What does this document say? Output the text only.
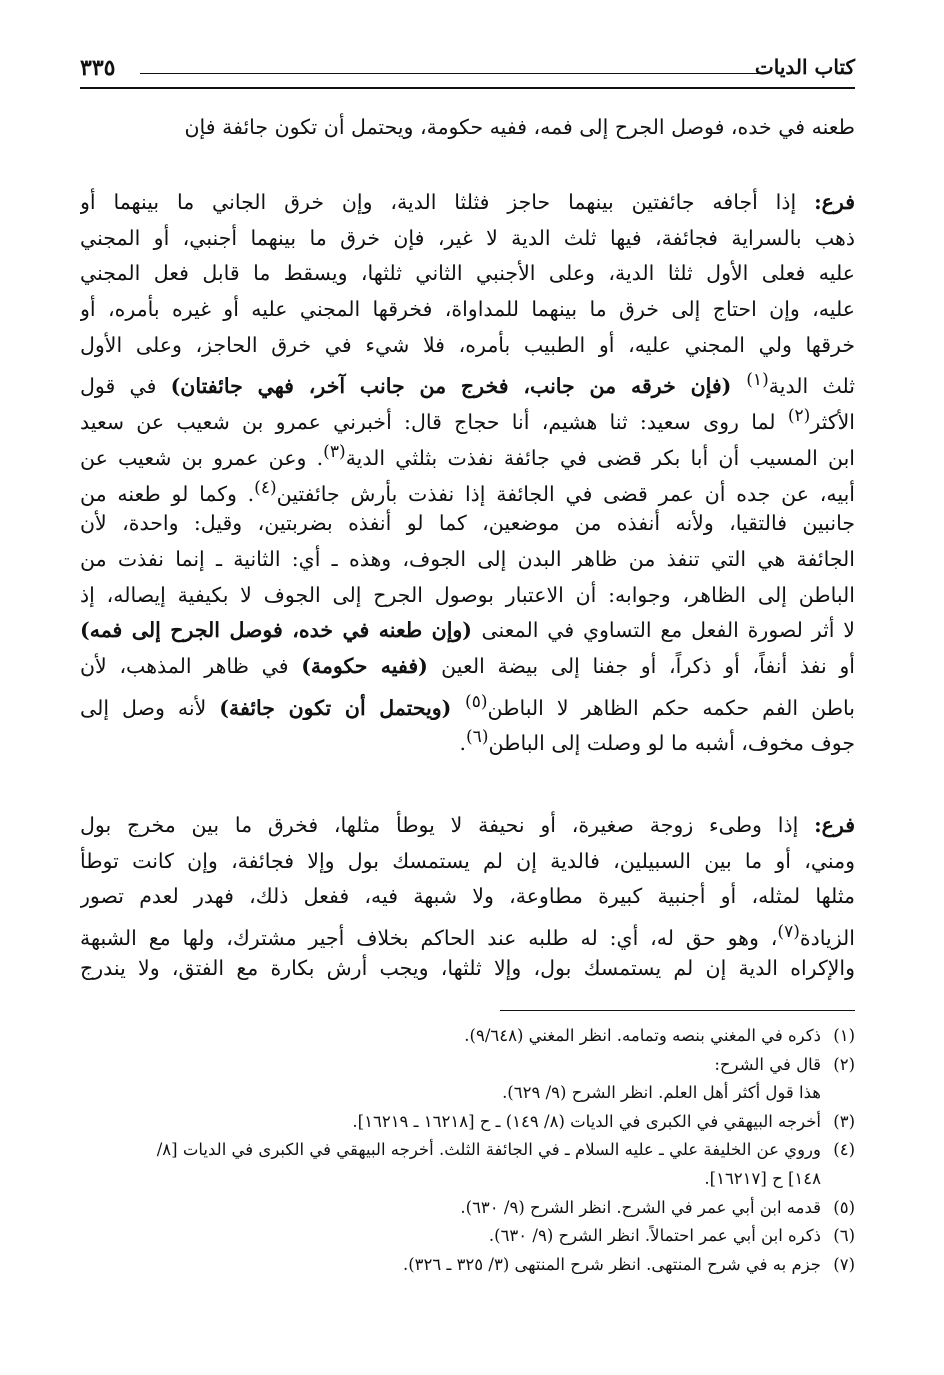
كتاب الديات
٣٣٥
طعنه في خده، فوصل الجرح إلى فمه، ففيه حكومة، ويحتمل أن تكون جائفة فإن
فرع: إذا أجافه جائفتين بينهما حاجز فثلثا الدية، وإن خرق الجاني ما بينهما أو
ذهب بالسراية فجائفة، فيها ثلث الدية لا غير، فإن خرق ما بينهما أجنبي، أو المجني
عليه فعلى الأول ثلثا الدية، وعلى الأجنبي الثاني ثلثها، ويسقط ما قابل فعل المجني
عليه، وإن احتاج إلى خرق ما بينهما للمداواة، فخرقها المجني عليه أو غيره بأمره، أو
خرقها ولي المجني عليه، أو الطبيب بأمره، فلا شيء في خرق الحاجز، وعلى الأول
ثلث الدية$^{(١)}$ (فإن خرقه من جانب، فخرج من جانب آخر، فهي جائفتان) في قول
الأكثر$^{(٢)}$ لما روى سعيد: ثنا هشيم، أنا حجاج قال: أخبرني عمرو بن شعيب عن سعيد
ابن المسيب أن أبا بكر قضى في جائفة نفذت بثلثي الدية$^{(٣)}$. وعن عمرو بن شعيب عن
أبيه، عن جده أن عمر قضى في الجائفة إذا نفذت بأرش جائفتين$^{(٤)}$. وكما لو طعنه من
جانبين فالتقيا، ولأنه أنفذه من موضعين، كما لو أنفذه بضربتين، وقيل: واحدة، لأن
الجائفة هي التي تنفذ من ظاهر البدن إلى الجوف، وهذه ـ أي: الثانية ـ إنما نفذت من
الباطن إلى الظاهر، وجوابه: أن الاعتبار بوصول الجرح إلى الجوف لا بكيفية إيصاله، إذ
لا أثر لصورة الفعل مع التساوي في المعنى (وإن طعنه في خده، فوصل الجرح إلى فمه)
أو نفذ أنفاً، أو ذكراً، أو جفنا إلى بيضة العين (ففيه حكومة) في ظاهر المذهب، لأن
باطن الفم حكمه حكم الظاهر لا الباطن$^{(٥)}$ (ويحتمل أن تكون جائفة) لأنه وصل إلى
جوف مخوف، أشبه ما لو وصلت إلى الباطن$^{(٦)}$.
فرع: إذا وطىء زوجة صغيرة، أو نحيفة لا يوطأ مثلها، فخرق ما بين مخرج بول
ومني، أو ما بين السبيلين، فالدية إن لم يستمسك بول وإلا فجائفة، وإن كانت توطأ
مثلها لمثله، أو أجنبية كبيرة مطاوعة، ولا شبهة فيه، ففعل ذلك، فهدر لعدم تصور
الزيادة$^{(٧)}$، وهو حق له، أي: له طلبه عند الحاكم بخلاف أجير مشترك، ولها مع الشبهة
والإكراه الدية إن لم يستمسك بول، وإلا ثلثها، ويجب أرش بكارة مع الفتق، ولا يندرج
(١)
ذكره في المغني بنصه وتمامه. انظر المغني (٩/٦٤٨).
(٢)
قال في الشرح:
هذا قول أكثر أهل العلم. انظر الشرح (٩/ ٦٢٩).
(٣)
أخرجه البيهقي في الكبرى في الديات (٨/ ١٤٩) ـ ح [١٦٢١٨ ـ ١٦٢١٩].
(٤)
وروي عن الخليفة علي ـ عليه السلام ـ في الجائفة الثلث. أخرجه البيهقي في الكبرى في الديات [٨/
١٤٨] ح [١٦٢١٧].
(٥)
قدمه ابن أبي عمر في الشرح. انظر الشرح (٩/ ٦٣٠).
(٦)
ذكره ابن أبي عمر احتمالاً. انظر الشرح (٩/ ٦٣٠).
(٧)
جزم به في شرح المنتهى. انظر شرح المنتهى (٣/ ٣٢٥ ـ ٣٢٦).
